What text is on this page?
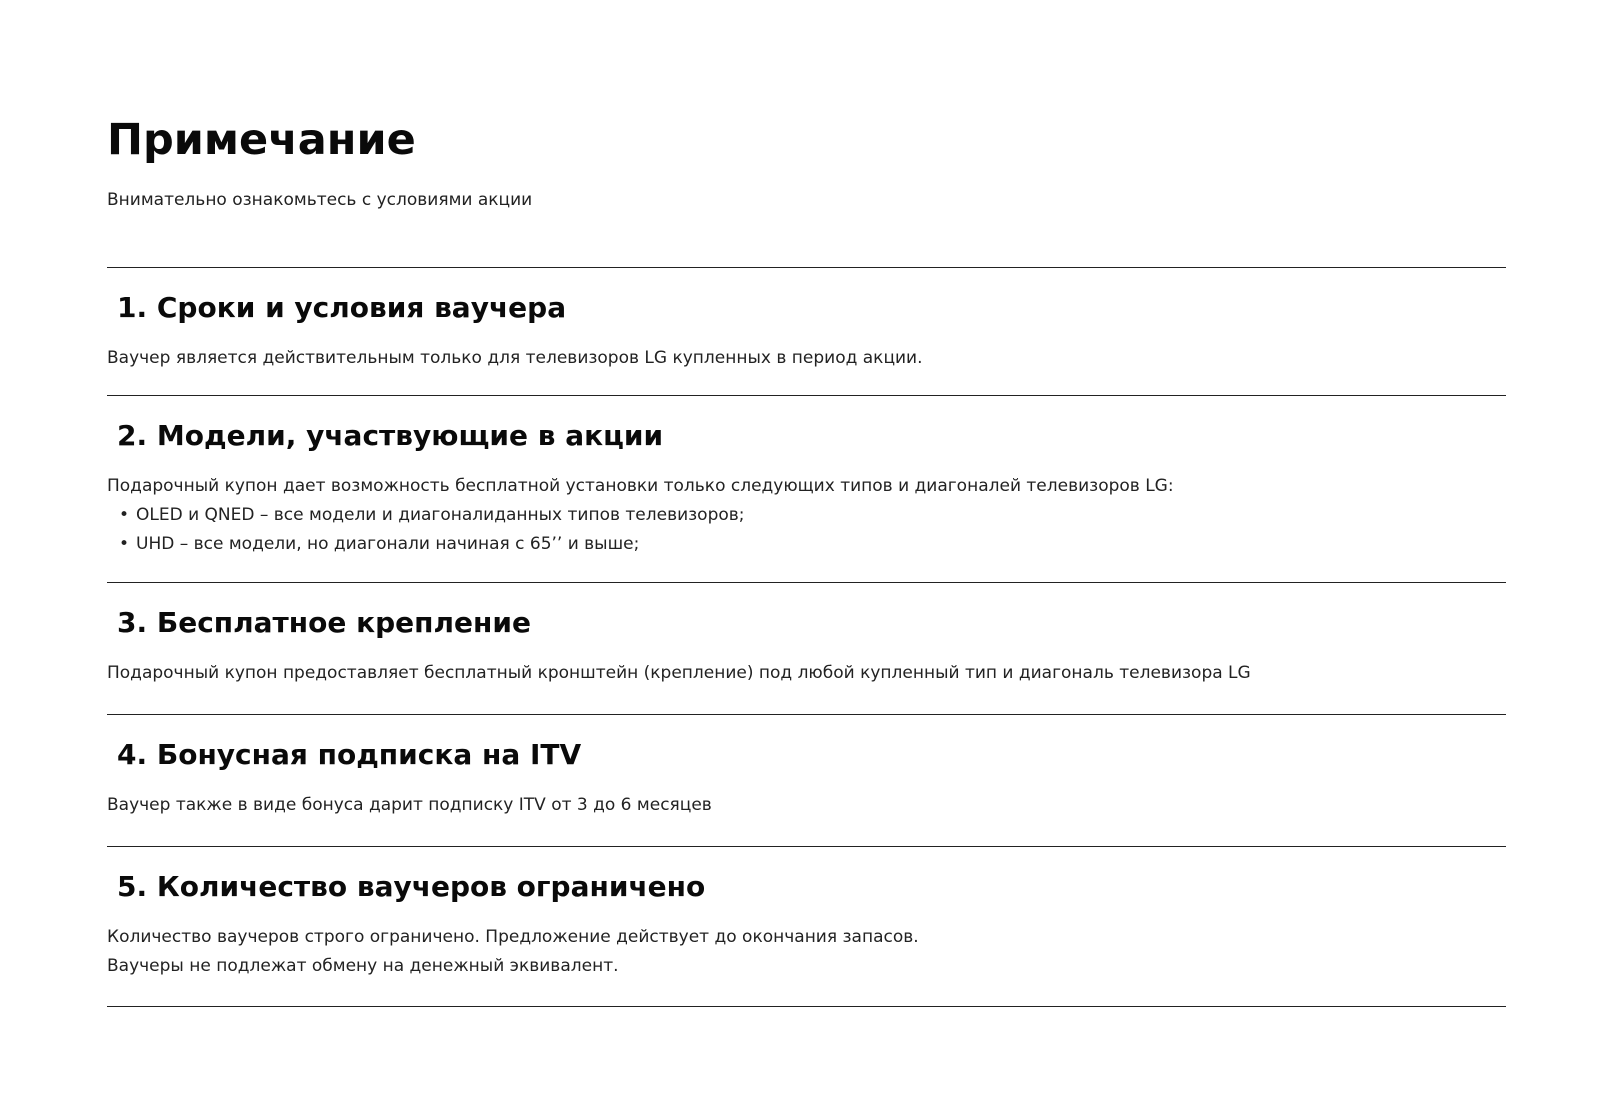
Примечание

Внимательно ознакомьтесь с условиями акции

1. Сроки и условия ваучера
Ваучер является действительным только для телевизоров LG купленных в период акции.
2. Модели, участвующие в акции
Подарочный купон дает возможность бесплатной установки только следующих типов и диагоналей телевизоров LG:
• OLED и QNED – все модели и диагоналиданных типов телевизоров;
• UHD – все модели, но диагонали начиная с 65’’ и выше;
3. Бесплатное крепление
Подарочный купон предоставляет бесплатный кронштейн (крепление) под любой купленный тип и диагональ телевизора LG
4. Бонусная подписка на ITV
Ваучер также в виде бонуса дарит подписку ITV от 3 до 6 месяцев
5. Количество ваучеров ограничено
Количество ваучеров строго ограничено. Предложение действует до окончания запасов.
Ваучеры не подлежат обмену на денежный эквивалент.
